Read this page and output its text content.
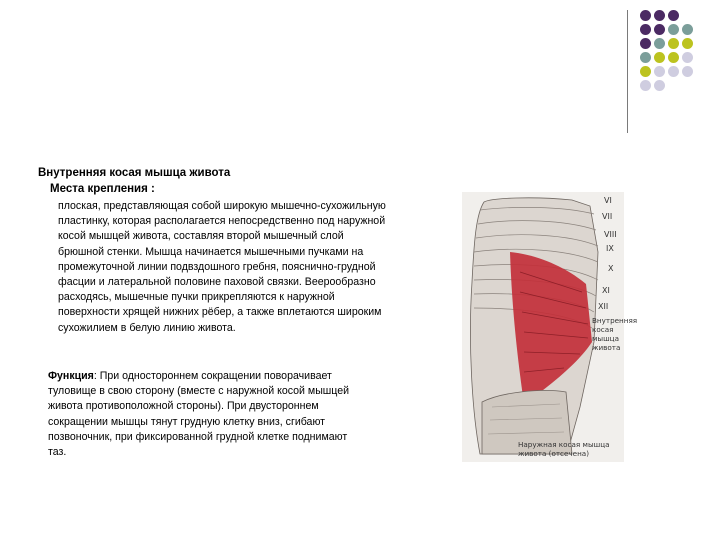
Внутренняя косая мышца живота
Места крепления :
плоская, представляющая собой широкую мышечно-сухожильную пластинку, которая располагается непосредственно под наружной косой мышцей живота, составляя второй мышечный слой брюшной стенки. Мышца начинается мышечными пучками на промежуточной линии подвздошного гребня, пояснично-грудной фасции и латеральной половине паховой связки. Веерообразно расходясь, мышечные пучки прикрепляются к наружной поверхности хрящей нижних рёбер, а также вплетаются широким сухожилием в белую линию живота.
Функция: При одностороннем сокращении поворачивает туловище в свою сторону (вместе с наружной косой мышцей живота противоположной стороны). При двустороннем сокращении мышцы тянут грудную клетку вниз, сгибают позвоночник, при фиксированной грудной клетке поднимают таз.
VI
VII
VIII
IX
X
XI
XII
Внутренняя косая мышца живота
Наружная косая мышца живота (отсечена)
